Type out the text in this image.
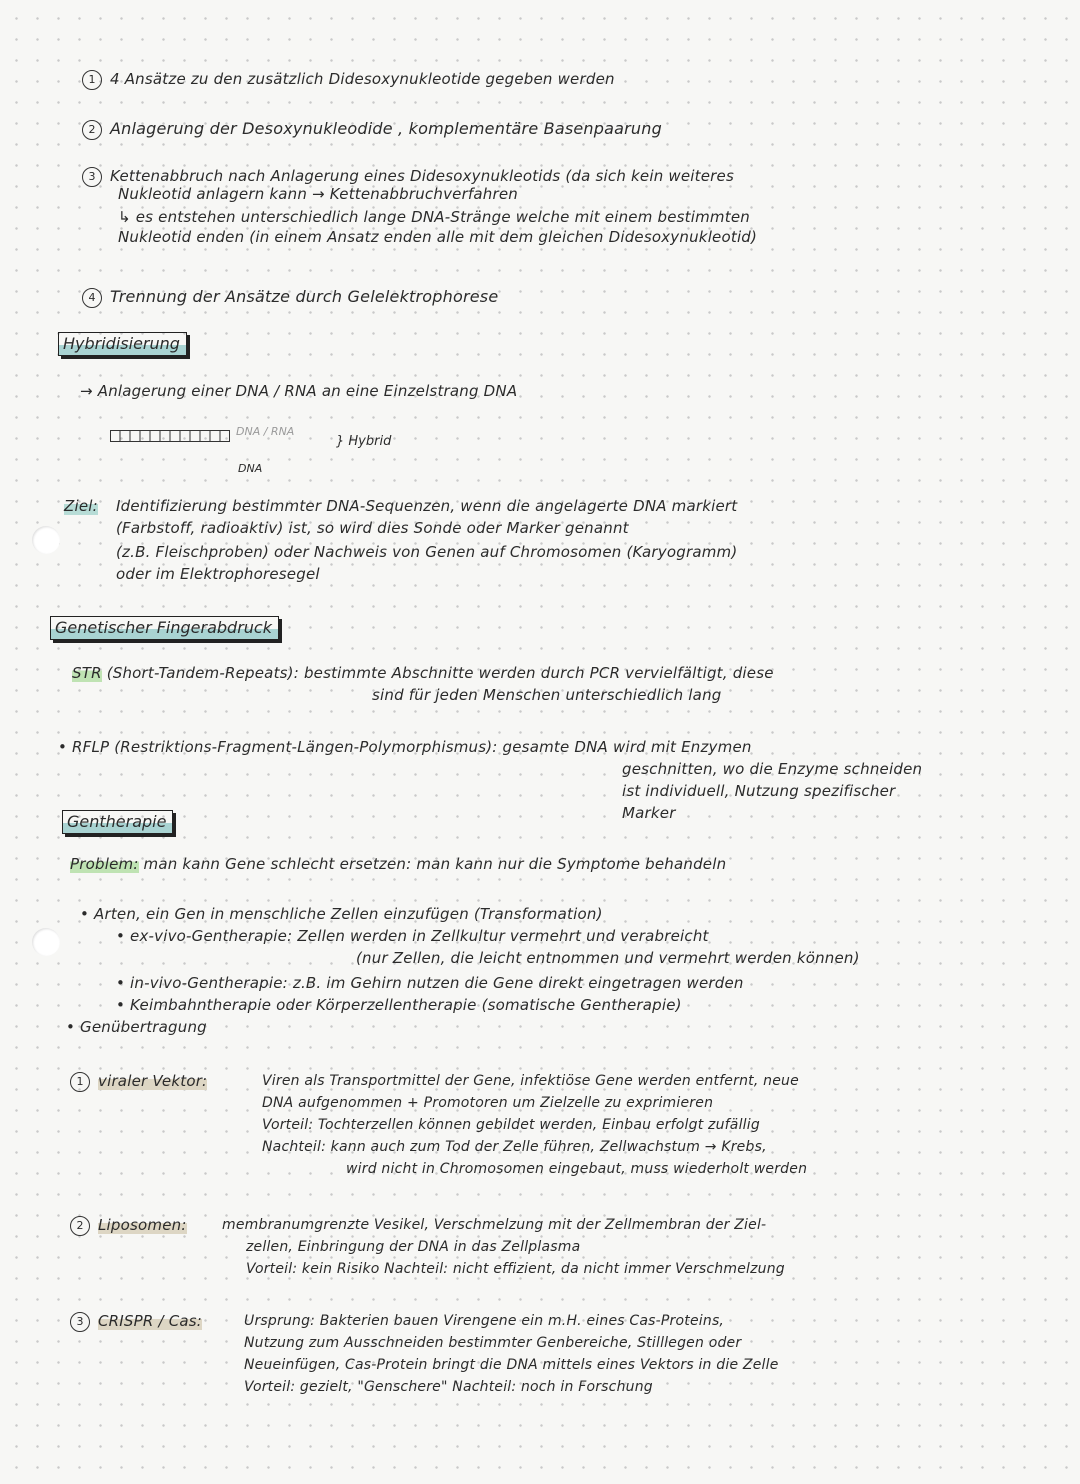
1 4 Ansätze zu den zusätzlich Didesoxynukleotide gegeben werden
2 Anlagerung der Desoxynukleodide , komplementäre Basenpaarung
3 Kettenabbruch nach Anlagerung eines Didesoxynukleotids (da sich kein weiteres
Nukleotid anlagern kann → Kettenabbruchverfahren
↳ es entstehen unterschiedlich lange DNA-Stränge welche mit einem bestimmten
Nukleotid enden (in einem Ansatz enden alle mit dem gleichen Didesoxynukleotid)
4 Trennung der Ansätze durch Gelelektrophorese
Hybridisierung
→ Anlagerung einer DNA / RNA an eine Einzelstrang DNA
DNA / RNA
} Hybrid
DNA
Ziel: Identifizierung bestimmter DNA-Sequenzen, wenn die angelagerte DNA markiert
(Farbstoff, radioaktiv) ist, so wird dies Sonde oder Marker genannt
(z.B. Fleischproben) oder Nachweis von Genen auf Chromosomen (Karyogramm)
oder im Elektrophoresegel
Genetischer Fingerabdruck
STR (Short-Tandem-Repeats): bestimmte Abschnitte werden durch PCR vervielfältigt, diese
sind für jeden Menschen unterschiedlich lang
• RFLP (Restriktions-Fragment-Längen-Polymorphismus): gesamte DNA wird mit Enzymen
geschnitten, wo die Enzyme schneiden
ist individuell, Nutzung spezifischer
Marker
Gentherapie
Problem: man kann Gene schlecht ersetzen: man kann nur die Symptome behandeln
• Arten, ein Gen in menschliche Zellen einzufügen (Transformation)
• ex-vivo-Gentherapie: Zellen werden in Zellkultur vermehrt und verabreicht
(nur Zellen, die leicht entnommen und vermehrt werden können)
• in-vivo-Gentherapie: z.B. im Gehirn nutzen die Gene direkt eingetragen werden
• Keimbahntherapie oder Körperzellentherapie (somatische Gentherapie)
• Genübertragung
1 viraler Vektor:	Viren als Transportmittel der Gene, infektiöse Gene werden entfernt, neue
DNA aufgenommen + Promotoren um Zielzelle zu exprimieren
Vorteil: Tochterzellen können gebildet werden, Einbau erfolgt zufällig
Nachteil: kann auch zum Tod der Zelle führen, Zellwachstum → Krebs,
wird nicht in Chromosomen eingebaut, muss wiederholt werden
2 Liposomen:	membranumgrenzte Vesikel, Verschmelzung mit der Zellmembran der Ziel-
zellen, Einbringung der DNA in das Zellplasma
Vorteil: kein Risiko Nachteil: nicht effizient, da nicht immer Verschmelzung
3 CRISPR / Cas:	Ursprung: Bakterien bauen Virengene ein m.H. eines Cas-Proteins,
Nutzung zum Ausschneiden bestimmter Genbereiche, Stilllegen oder
Neueinfügen, Cas-Protein bringt die DNA mittels eines Vektors in die Zelle
Vorteil: gezielt, "Genschere" Nachteil: noch in Forschung
